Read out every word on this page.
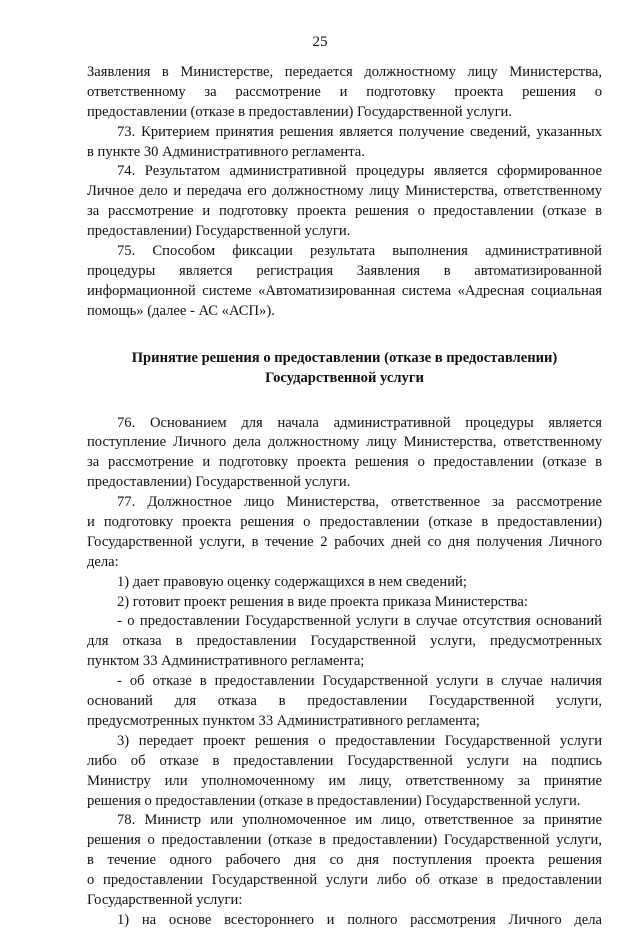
25
Заявления в Министерстве, передается должностному лицу Министерства,
ответственному за рассмотрение и подготовку проекта решения о
предоставлении (отказе в предоставлении) Государственной услуги.
73. Критерием принятия решения является получение сведений, указанных
в пункте 30 Административного регламента.
74. Результатом административной процедуры является сформированное
Личное дело и передача его должностному лицу Министерства, ответственному
за рассмотрение и подготовку проекта решения о предоставлении (отказе в
предоставлении) Государственной услуги.
75. Способом фиксации результата выполнения административной
процедуры является регистрация Заявления в автоматизированной
информационной системе «Автоматизированная система «Адресная социальная
помощь» (далее - АС «АСП»).
Принятие решения о предоставлении (отказе в предоставлении)
Государственной услуги
76. Основанием для начала административной процедуры является
поступление Личного дела должностному лицу Министерства, ответственному
за рассмотрение и подготовку проекта решения о предоставлении (отказе в
предоставлении) Государственной услуги.
77. Должностное лицо Министерства, ответственное за рассмотрение
и подготовку проекта решения о предоставлении (отказе в предоставлении)
Государственной услуги, в течение 2 рабочих дней со дня получения Личного
дела:
1) дает правовую оценку содержащихся в нем сведений;
2) готовит проект решения в виде проекта приказа Министерства:
- о предоставлении Государственной услуги в случае отсутствия оснований
для отказа в предоставлении Государственной услуги, предусмотренных
пунктом 33 Административного регламента;
- об отказе в предоставлении Государственной услуги в случае наличия
оснований для отказа в предоставлении Государственной услуги,
предусмотренных пунктом 33 Административного регламента;
3) передает проект решения о предоставлении Государственной услуги
либо об отказе в предоставлении Государственной услуги на подпись
Министру или уполномоченному им лицу, ответственному за принятие
решения о предоставлении (отказе в предоставлении) Государственной услуги.
78. Министр или уполномоченное им лицо, ответственное за принятие
решения о предоставлении (отказе в предоставлении) Государственной услуги,
в течение одного рабочего дня со дня поступления проекта решения
о предоставлении Государственной услуги либо об отказе в предоставлении
Государственной услуги:
1) на основе всестороннего и полного рассмотрения Личного дела
